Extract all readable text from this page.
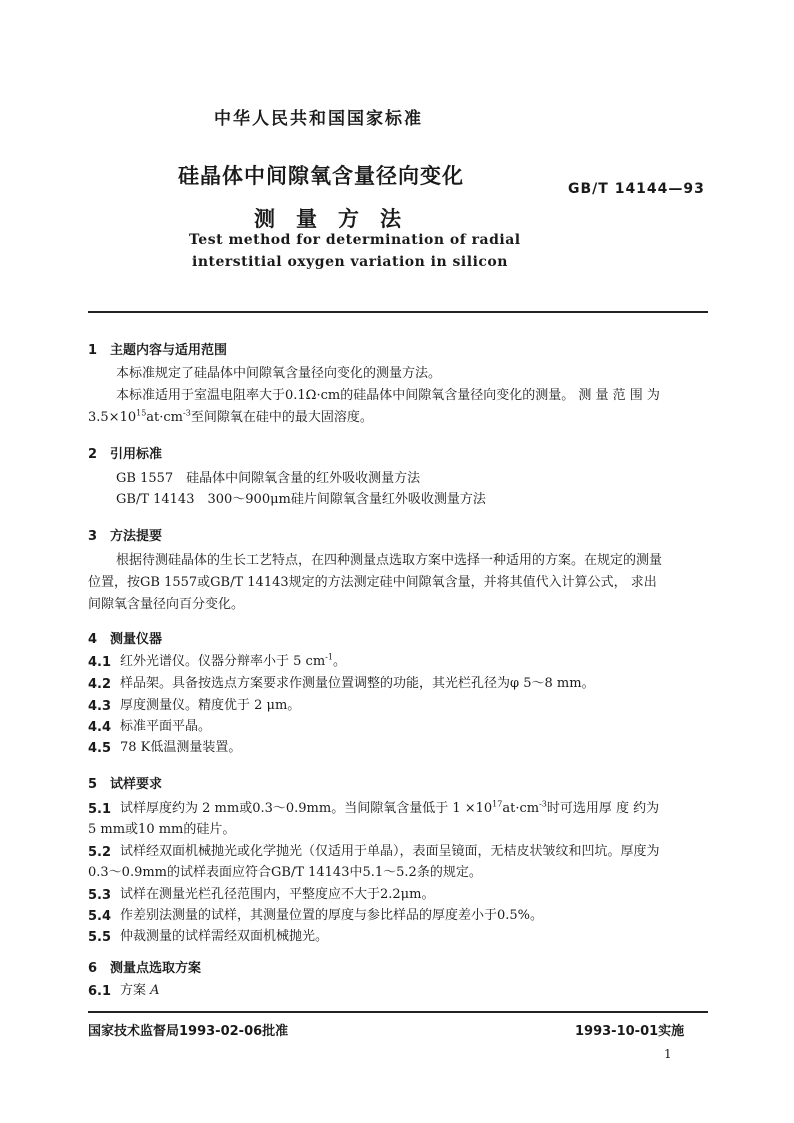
中华人民共和国国家标准
硅晶体中间隙氧含量径向变化
GB/T 14144—93
测　量　方　法
Test method for determination of radial
interstitial oxygen variation in silicon
1　主题内容与适用范围
本标准规定了硅晶体中间隙氧含量径向变化的测量方法。
本标准适用于室温电阻率大于0.1Ω·cm的硅晶体中间隙氧含量径向变化的测量。 测 量 范 围 为
$3.5\times 10^{15}at\cdot cm^{-3}$至间隙氧在硅中的最大固溶度。
2　引用标准
GB 1557　硅晶体中间隙氧含量的红外吸收测量方法
GB/T 14143　300～900μm硅片间隙氧含量红外吸收测量方法
3　方法提要
根据待测硅晶体的生长工艺特点，在四种测量点选取方案中选择一种适用的方案。在规定的测量
位置，按GB 1557或GB/T 14143规定的方法测定硅中间隙氧含量，并将其值代入计算公式， 求出
间隙氧含量径向百分变化。
4　测量仪器
4.1 红外光谱仪。仪器分辩率小于 5 $cm^{-1}$。
4.2 样品架。具备按选点方案要求作测量位置调整的功能，其光栏孔径为φ 5～8 mm。
4.3 厚度测量仪。精度优于 2 μm。
4.4 标准平面平晶。
4.5 78 K低温测量装置。
5　试样要求
5.1 试样厚度约为 2 mm或0.3～0.9mm。当间隙氧含量低于 $1 \times 10^{17}at\cdot cm^{-3}$时可选用厚 度 约为
5 mm或10 mm的硅片。
5.2 试样经双面机械抛光或化学抛光（仅适用于单晶），表面呈镜面，无桔皮状皱纹和凹坑。厚度为
0.3～0.9mm的试样表面应符合GB/T 14143中5.1～5.2条的规定。
5.3 试样在测量光栏孔径范围内，平整度应不大于2.2μm。
5.4 作差别法测量的试样，其测量位置的厚度与参比样品的厚度差小于0.5%。
5.5 仲裁测量的试样需经双面机械抛光。
6　测量点选取方案
6.1 方案 A
国家技术监督局1993-02-06批准	1993-10-01实施
1
